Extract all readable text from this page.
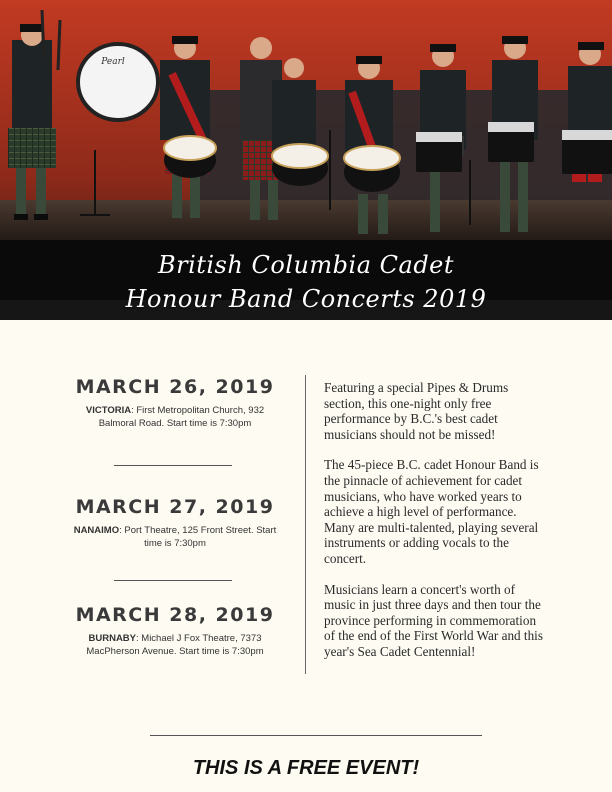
Pearl
British Columbia Cadet
Honour Band Concerts 2019
MARCH 26, 2019

VICTORIA: First Metropolitan Church, 932 Balmoral Road. Start time is 7:30pm

MARCH 27, 2019

NANAIMO: Port Theatre, 125 Front Street. Start time is 7:30pm

MARCH 28, 2019

BURNABY: Michael J Fox Theatre, 7373 MacPherson Avenue. Start time is 7:30pm

Featuring a special Pipes & Drums section, this one-night only free performance by B.C.'s best cadet musicians should not be missed!

The 45-piece B.C. cadet Honour Band is the pinnacle of achievement for cadet musicians, who have worked years to achieve a high level of performance. Many are multi-talented, playing several instruments or adding vocals to the concert.

Musicians learn a concert's worth of music in just three days and then tour the province performing in commemoration of the end of the First World War and this year's Sea Cadet Centennial!

THIS IS A FREE EVENT!
